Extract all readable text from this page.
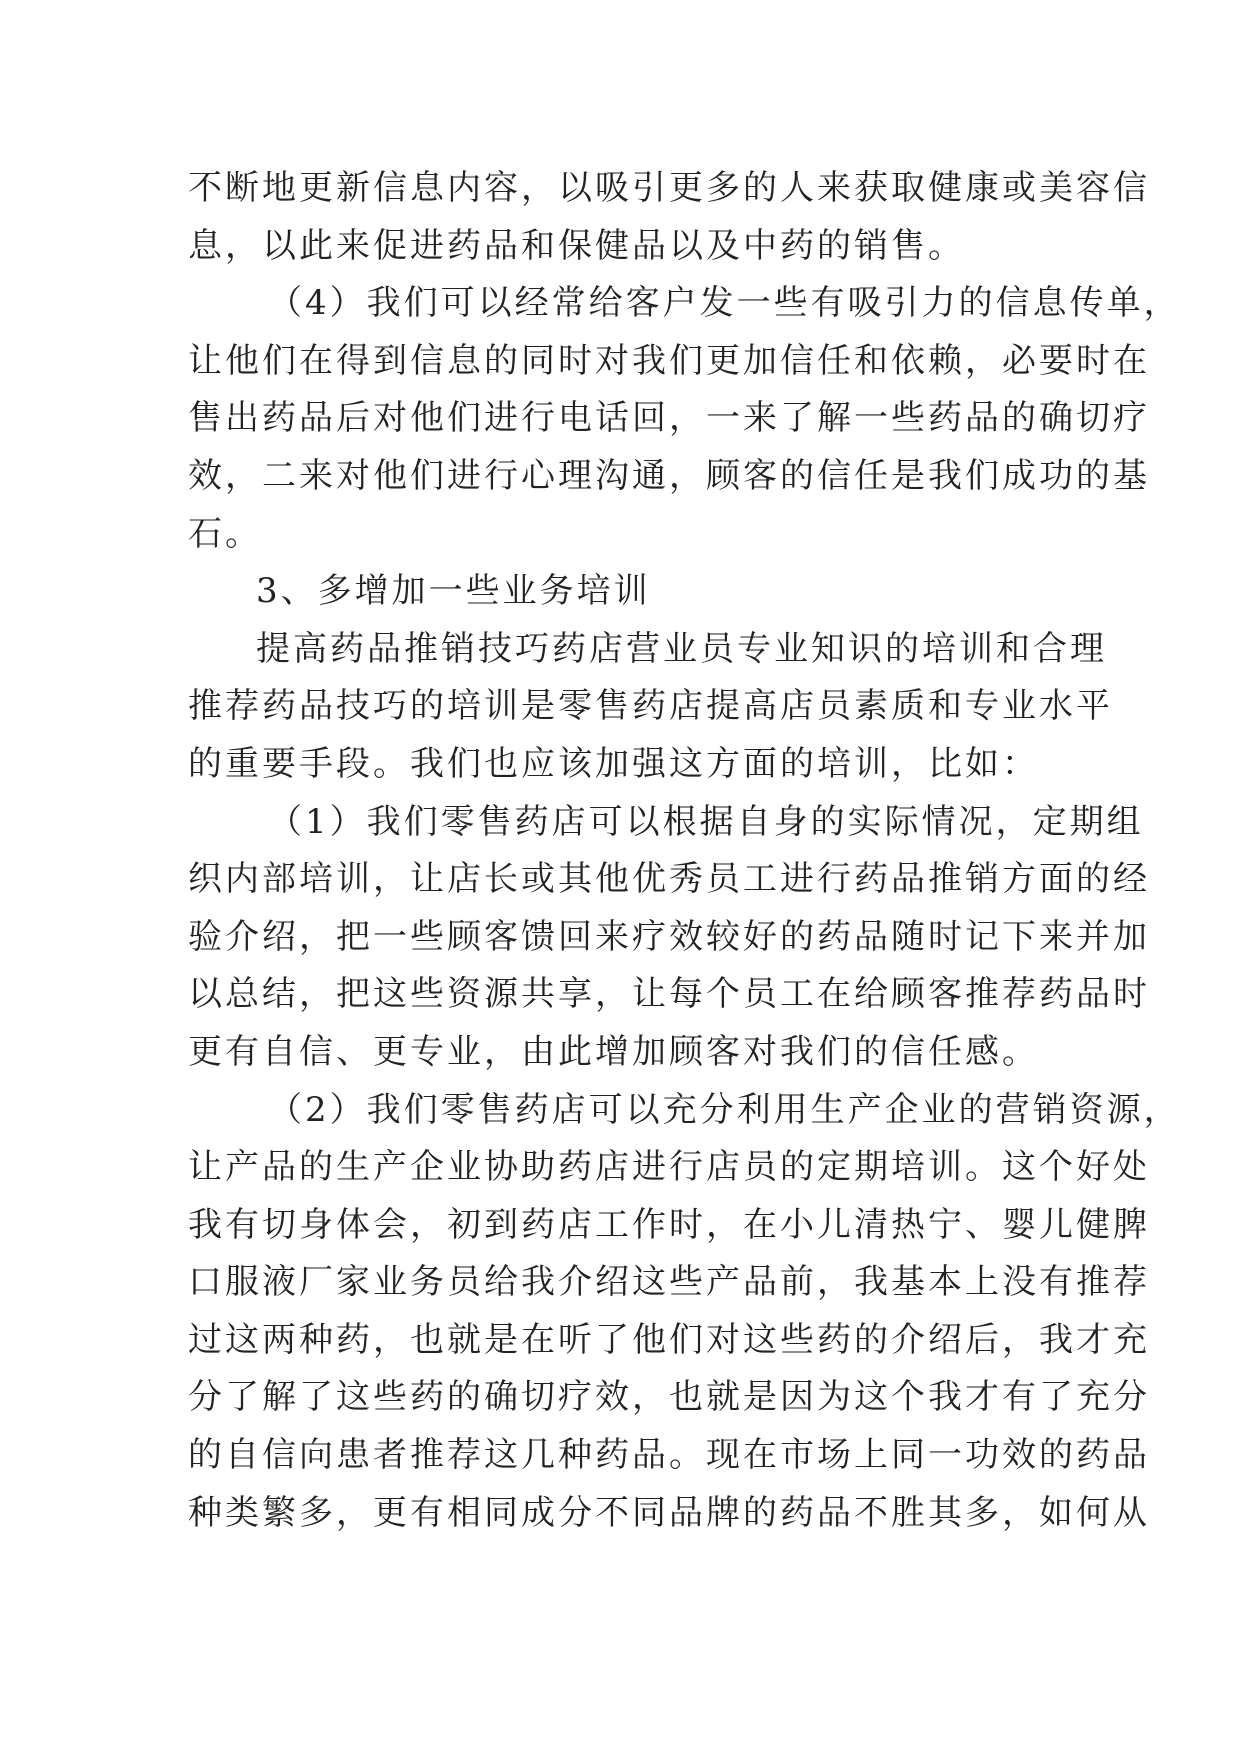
不断地更新信息内容，以吸引更多的人来获取健康或美容信
息，以此来促进药品和保健品以及中药的销售。
（4）我们可以经常给客户发一些有吸引力的信息传单，
让他们在得到信息的同时对我们更加信任和依赖，必要时在
售出药品后对他们进行电话回，一来了解一些药品的确切疗
效，二来对他们进行心理沟通，顾客的信任是我们成功的基
石。
3、多增加一些业务培训
提高药品推销技巧药店营业员专业知识的培训和合理
推荐药品技巧的培训是零售药店提高店员素质和专业水平
的重要手段。我们也应该加强这方面的培训，比如：
（1）我们零售药店可以根据自身的实际情况，定期组
织内部培训，让店长或其他优秀员工进行药品推销方面的经
验介绍，把一些顾客馈回来疗效较好的药品随时记下来并加
以总结，把这些资源共享，让每个员工在给顾客推荐药品时
更有自信、更专业，由此增加顾客对我们的信任感。
（2）我们零售药店可以充分利用生产企业的营销资源，
让产品的生产企业协助药店进行店员的定期培训。这个好处
我有切身体会，初到药店工作时，在小儿清热宁、婴儿健脾
口服液厂家业务员给我介绍这些产品前，我基本上没有推荐
过这两种药，也就是在听了他们对这些药的介绍后，我才充
分了解了这些药的确切疗效，也就是因为这个我才有了充分
的自信向患者推荐这几种药品。现在市场上同一功效的药品
种类繁多，更有相同成分不同品牌的药品不胜其多，如何从
